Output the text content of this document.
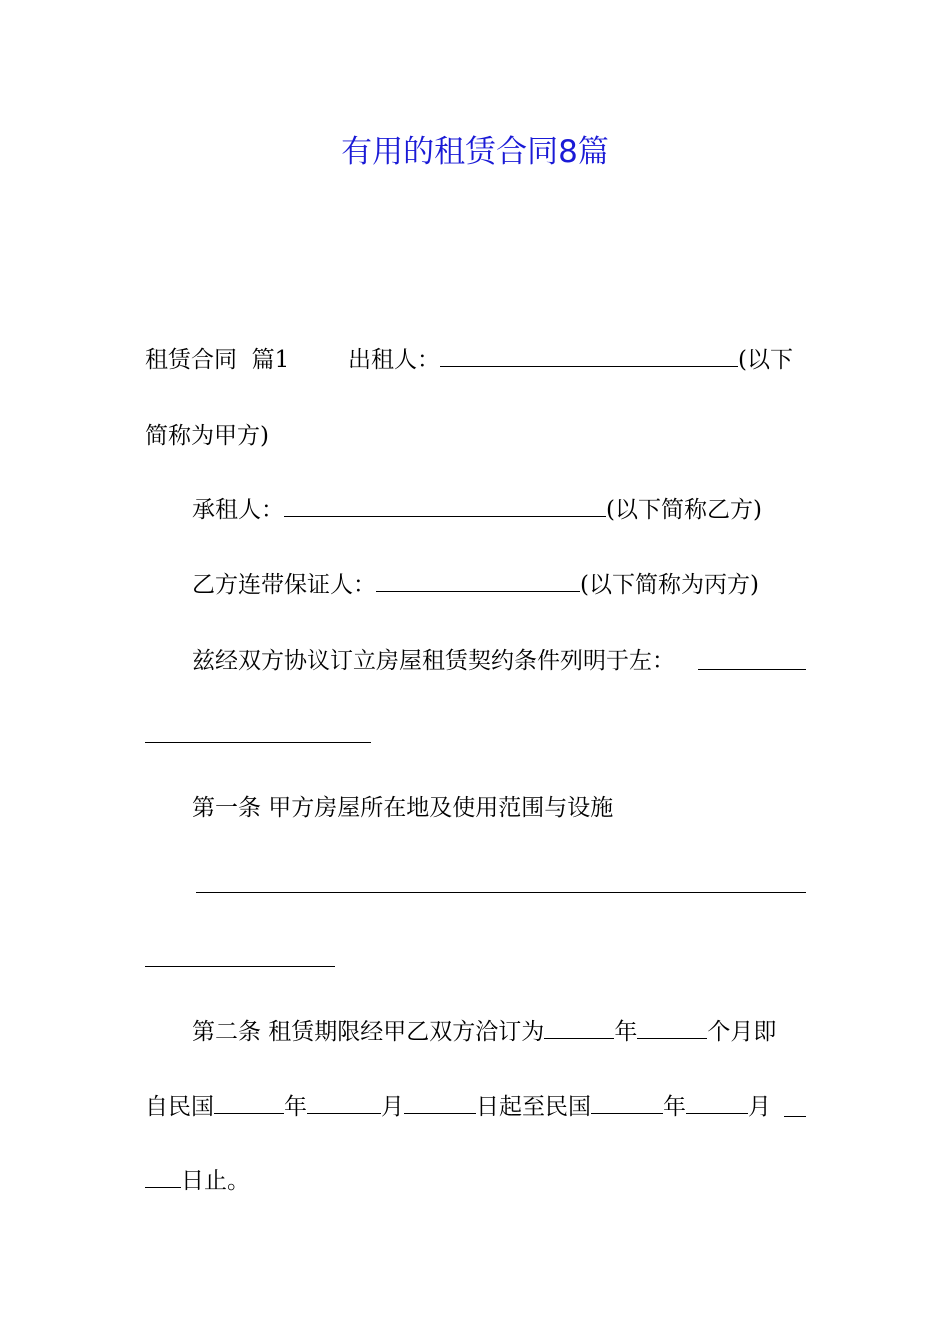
有用的租赁合同8篇
租赁合同  篇1	出租人：	(以下
简称为甲方)
承租人：	(以下简称乙方)
乙方连带保证人：	(以下简称为丙方)
兹经双方协议订立房屋租赁契约条件列明于左：
第一条 甲方房屋所在地及使用范围与设施
第二条 租赁期限经甲乙双方洽订为	年	个月即
自民国	年	月	日起至民国	年	月
日止。
